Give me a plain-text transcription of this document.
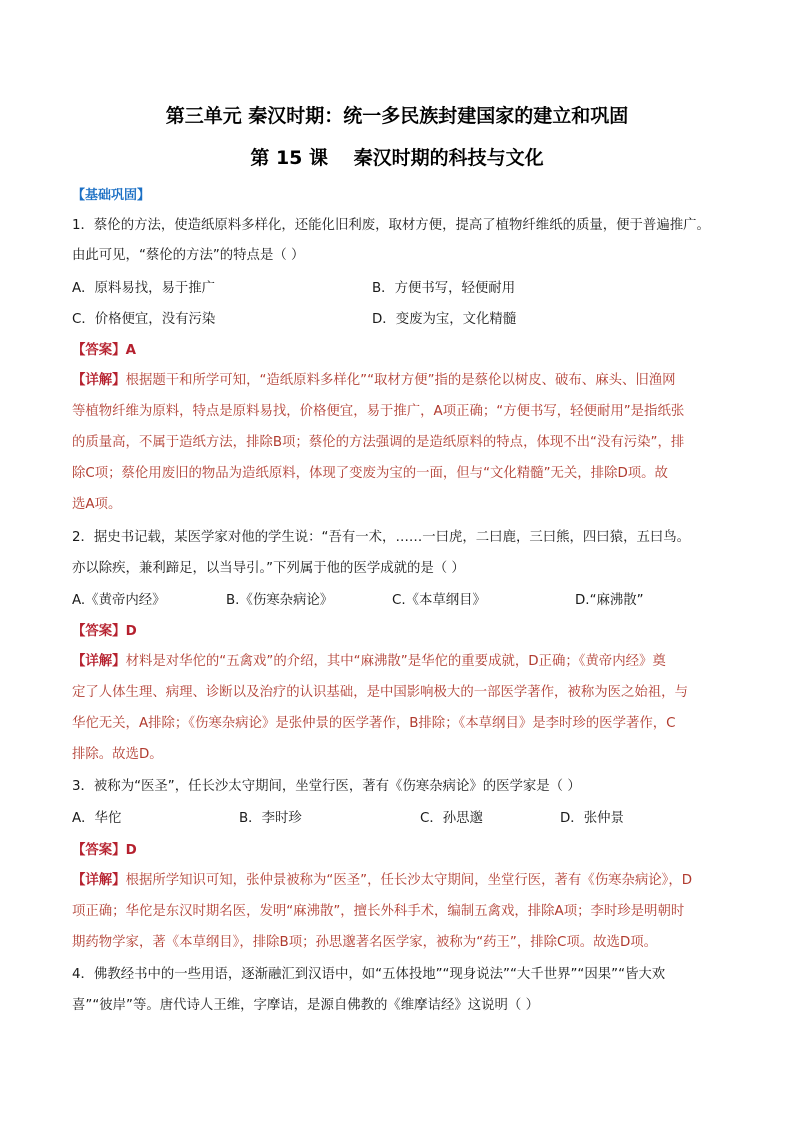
第三单元 秦汉时期：统一多民族封建国家的建立和巩固
第 15 课　 秦汉时期的科技与文化
【基础巩固】
1．蔡伦的方法，使造纸原料多样化，还能化旧利废，取材方便，提高了植物纤维纸的质量，便于普遍推广。
由此可见，“蔡伦的方法”的特点是（ ）
A．原料易找，易于推广	B．方便书写，轻便耐用
C．价格便宜，没有污染	D．变废为宝，文化精髓
【答案】A
【详解】根据题干和所学可知，“造纸原料多样化”“取材方便”指的是蔡伦以树皮、破布、麻头、旧渔网
等植物纤维为原料，特点是原料易找，价格便宜，易于推广，A项正确；“方便书写，轻便耐用”是指纸张
的质量高，不属于造纸方法，排除B项；蔡伦的方法强调的是造纸原料的特点，体现不出“没有污染”，排
除C项；蔡伦用废旧的物品为造纸原料，体现了变废为宝的一面，但与“文化精髓”无关，排除D项。故
选A项。
2．据史书记载，某医学家对他的学生说：“吾有一术，……一曰虎，二曰鹿，三曰熊，四曰猿，五曰鸟。
亦以除疾，兼利蹄足，以当导引。”下列属于他的医学成就的是（ ）
A.《黄帝内经》	B.《伤寒杂病论》	C.《本草纲目》	D.“麻沸散”
【答案】D
【详解】材料是对华佗的“五禽戏”的介绍，其中“麻沸散”是华佗的重要成就，D正确；《黄帝内经》奠
定了人体生理、病理、诊断以及治疗的认识基础，是中国影响极大的一部医学著作，被称为医之始祖，与
华佗无关，A排除；《伤寒杂病论》是张仲景的医学著作，B排除；《本草纲目》是李时珍的医学著作，C
排除。故选D。
3．被称为“医圣”，任长沙太守期间，坐堂行医，著有《伤寒杂病论》的医学家是（ ）
A．华佗	B．李时珍	C．孙思邈	D．张仲景
【答案】D
【详解】根据所学知识可知，张仲景被称为“医圣”，任长沙太守期间，坐堂行医，著有《伤寒杂病论》，D
项正确；华佗是东汉时期名医，发明“麻沸散”，擅长外科手术，编制五禽戏，排除A项；李时珍是明朝时
期药物学家，著《本草纲目》，排除B项；孙思邈著名医学家，被称为“药王”，排除C项。故选D项。
4．佛教经书中的一些用语，逐渐融汇到汉语中，如“五体投地”“现身说法”“大千世界”“因果”“皆大欢
喜”“彼岸”等。唐代诗人王维，字摩诘，是源自佛教的《维摩诘经》这说明（ ）
